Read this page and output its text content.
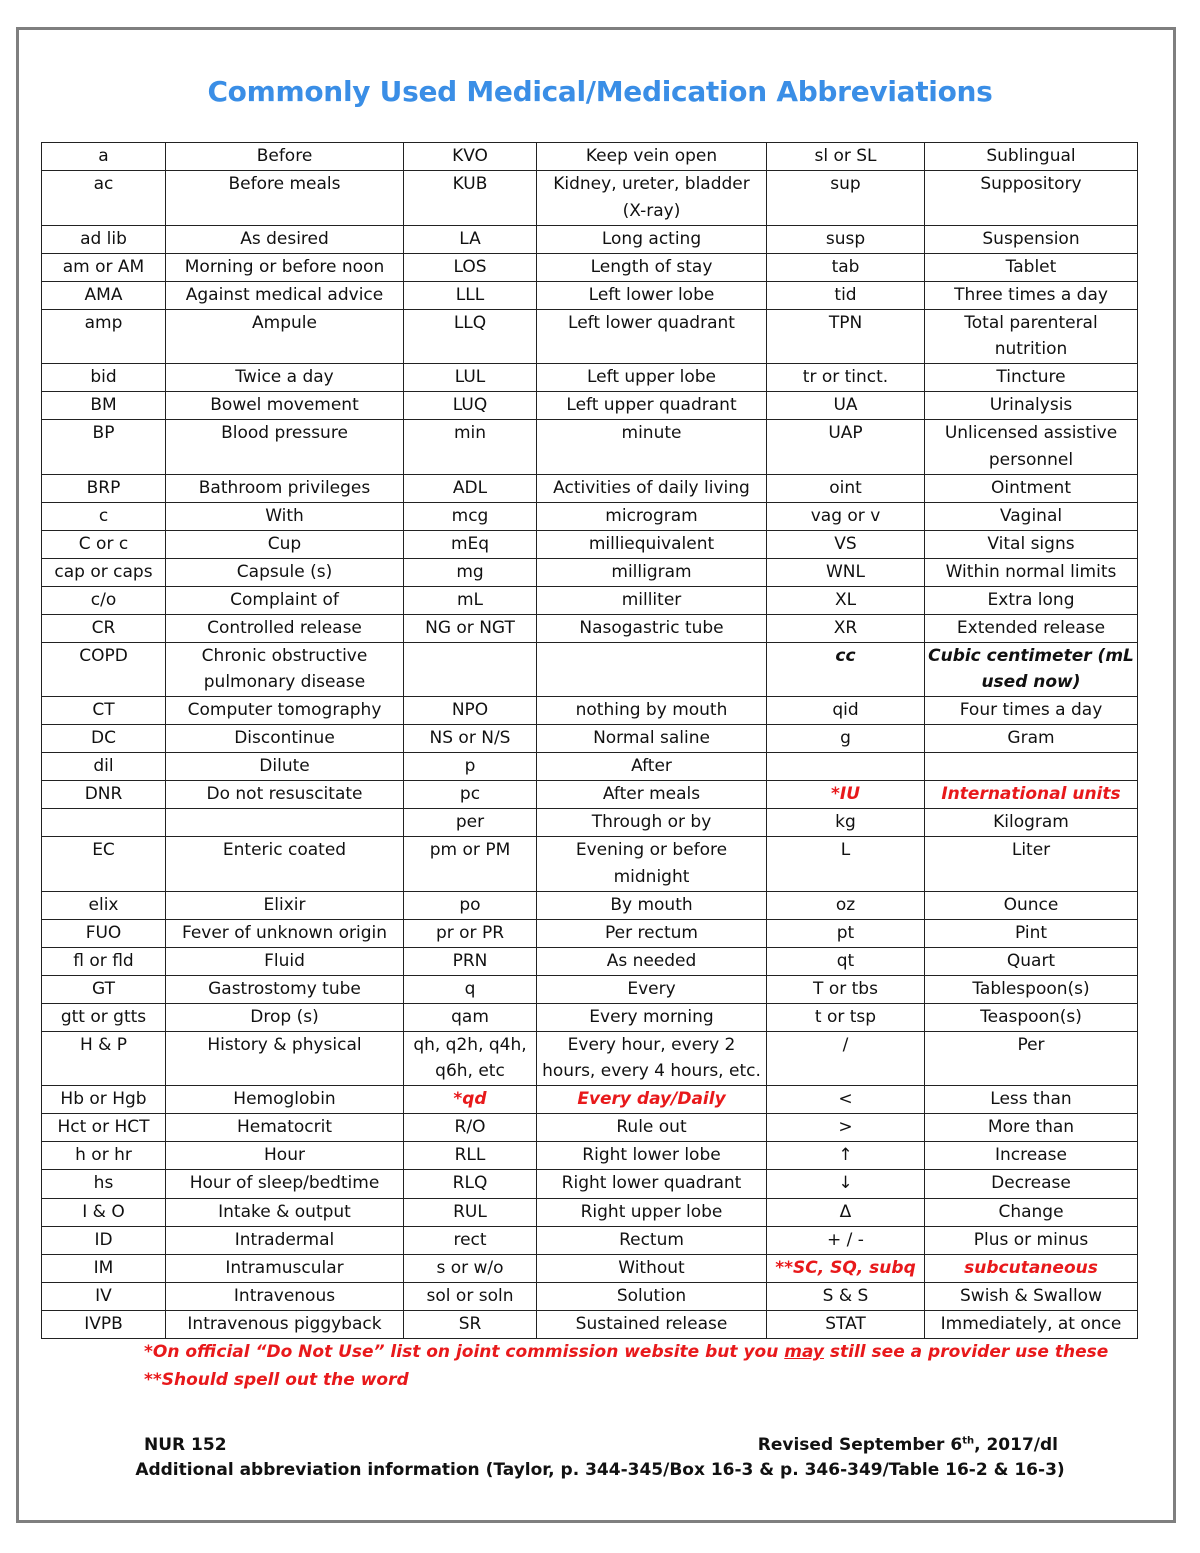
Commonly Used Medical/Medication Abbreviations
a	Before	KVO	Keep vein open	sl or SL	Sublingual
ac	Before meals	KUB	Kidney, ureter, bladder (X-ray)	sup	Suppository
ad lib	As desired	LA	Long acting	susp	Suspension
am or AM	Morning or before noon	LOS	Length of stay	tab	Tablet
AMA	Against medical advice	LLL	Left lower lobe	tid	Three times a day
amp	Ampule	LLQ	Left lower quadrant	TPN	Total parenteral nutrition
bid	Twice a day	LUL	Left upper lobe	tr or tinct.	Tincture
BM	Bowel movement	LUQ	Left upper quadrant	UA	Urinalysis
BP	Blood pressure	min	minute	UAP	Unlicensed assistive personnel
BRP	Bathroom privileges	ADL	Activities of daily living	oint	Ointment
c	With	mcg	microgram	vag or v	Vaginal
C or c	Cup	mEq	milliequivalent	VS	Vital signs
cap or caps	Capsule (s)	mg	milligram	WNL	Within normal limits
c/o	Complaint of	mL	milliter	XL	Extra long
CR	Controlled release	NG or NGT	Nasogastric tube	XR	Extended release
COPD	Chronic obstructive pulmonary disease			cc	Cubic centimeter (mL used now)
CT	Computer tomography	NPO	nothing by mouth	qid	Four times a day
DC	Discontinue	NS or N/S	Normal saline	g	Gram
dil	Dilute	p	After		
DNR	Do not resuscitate	pc	After meals	*IU	International units
		per	Through or by	kg	Kilogram
EC	Enteric coated	pm or PM	Evening or before midnight	L	Liter
elix	Elixir	po	By mouth	oz	Ounce
FUO	Fever of unknown origin	pr or PR	Per rectum	pt	Pint
fl or fld	Fluid	PRN	As needed	qt	Quart
GT	Gastrostomy tube	q	Every	T or tbs	Tablespoon(s)
gtt or gtts	Drop (s)	qam	Every morning	t or tsp	Teaspoon(s)
H & P	History & physical	qh, q2h, q4h, q6h, etc	Every hour, every 2 hours, every 4 hours, etc.	/	Per
Hb or Hgb	Hemoglobin	*qd	Every day/Daily	<	Less than
Hct or HCT	Hematocrit	R/O	Rule out	>	More than
h or hr	Hour	RLL	Right lower lobe	↑	Increase
hs	Hour of sleep/bedtime	RLQ	Right lower quadrant	↓	Decrease
I & O	Intake & output	RUL	Right upper lobe	Δ	Change
ID	Intradermal	rect	Rectum	+ / -	Plus or minus
IM	Intramuscular	s or w/o	Without	**SC, SQ, subq	subcutaneous
IV	Intravenous	sol or soln	Solution	S & S	Swish & Swallow
IVPB	Intravenous piggyback	SR	Sustained release	STAT	Immediately, at once
*On official “Do Not Use” list on joint commission website but you may still see a provider use these
**Should spell out the word
NUR 152	Revised September 6th, 2017/dl
Additional abbreviation information (Taylor, p. 344-345/Box 16-3 & p. 346-349/Table 16-2 & 16-3)
